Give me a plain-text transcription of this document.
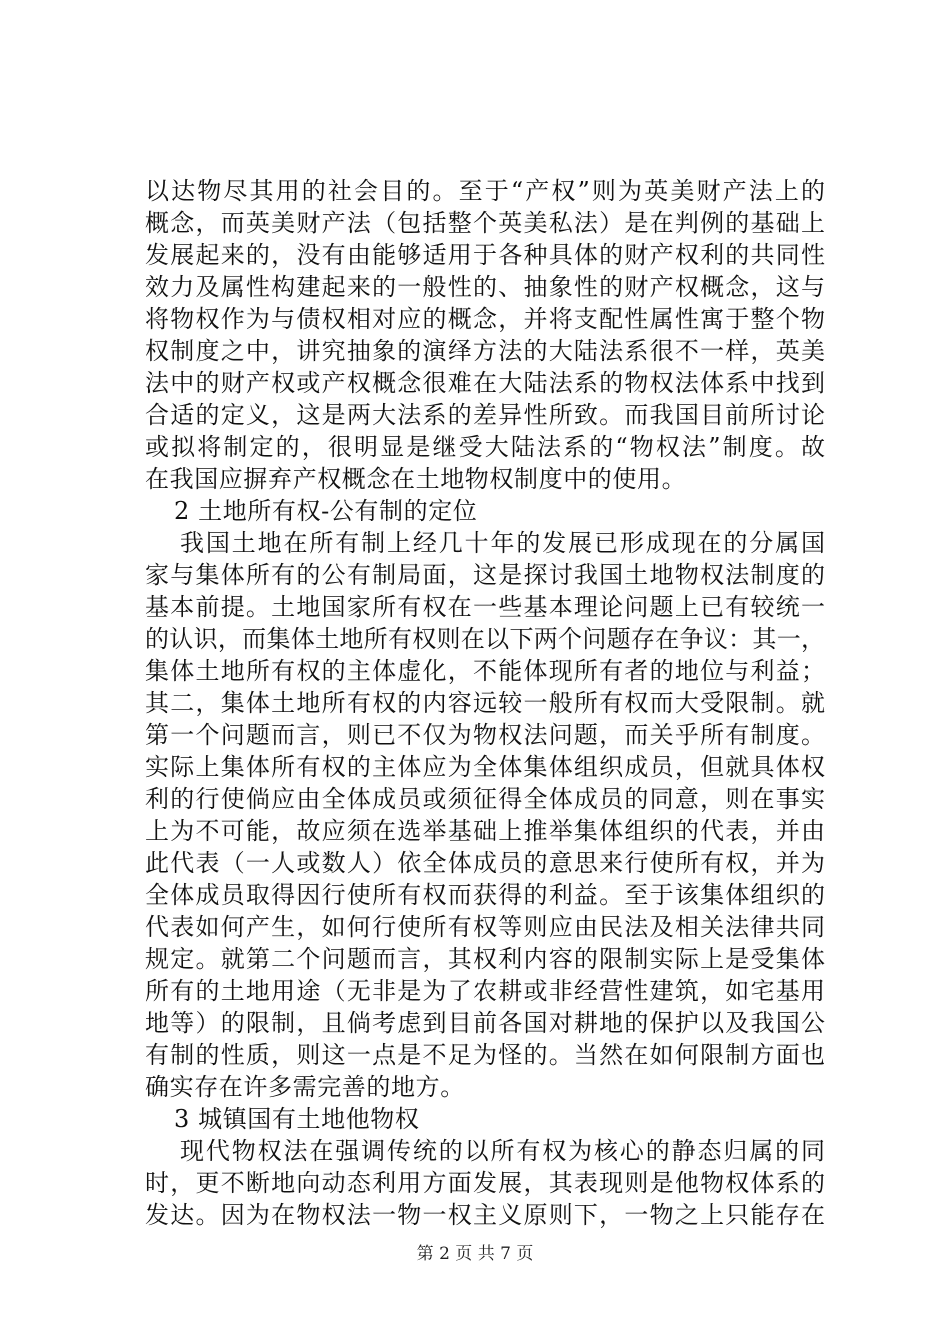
以达物尽其用的社会目的。至于“产权”则为英美财产法上的
概念，而英美财产法（包括整个英美私法）是在判例的基础上
发展起来的，没有由能够适用于各种具体的财产权利的共同性
效力及属性构建起来的一般性的、抽象性的财产权概念，这与
将物权作为与债权相对应的概念，并将支配性属性寓于整个物
权制度之中，讲究抽象的演绎方法的大陆法系很不一样，英美
法中的财产权或产权概念很难在大陆法系的物权法体系中找到
合适的定义，这是两大法系的差异性所致。而我国目前所讨论
或拟将制定的，很明显是继受大陆法系的“物权法”制度。故
在我国应摒弃产权概念在土地物权制度中的使用。
2 土地所有权-公有制的定位
我国土地在所有制上经几十年的发展已形成现在的分属国
家与集体所有的公有制局面，这是探讨我国土地物权法制度的
基本前提。土地国家所有权在一些基本理论问题上已有较统一
的认识，而集体土地所有权则在以下两个问题存在争议：其一，
集体土地所有权的主体虚化，不能体现所有者的地位与利益；
其二，集体土地所有权的内容远较一般所有权而大受限制。就
第一个问题而言，则已不仅为物权法问题，而关乎所有制度。
实际上集体所有权的主体应为全体集体组织成员，但就具体权
利的行使倘应由全体成员或须征得全体成员的同意，则在事实
上为不可能，故应须在选举基础上推举集体组织的代表，并由
此代表（一人或数人）依全体成员的意思来行使所有权，并为
全体成员取得因行使所有权而获得的利益。至于该集体组织的
代表如何产生，如何行使所有权等则应由民法及相关法律共同
规定。就第二个问题而言，其权利内容的限制实际上是受集体
所有的土地用途（无非是为了农耕或非经营性建筑，如宅基用
地等）的限制，且倘考虑到目前各国对耕地的保护以及我国公
有制的性质，则这一点是不足为怪的。当然在如何限制方面也
确实存在许多需完善的地方。
3 城镇国有土地他物权
现代物权法在强调传统的以所有权为核心的静态归属的同
时，更不断地向动态利用方面发展，其表现则是他物权体系的
发达。因为在物权法一物一权主义原则下，一物之上只能存在
第 2 页 共 7 页
